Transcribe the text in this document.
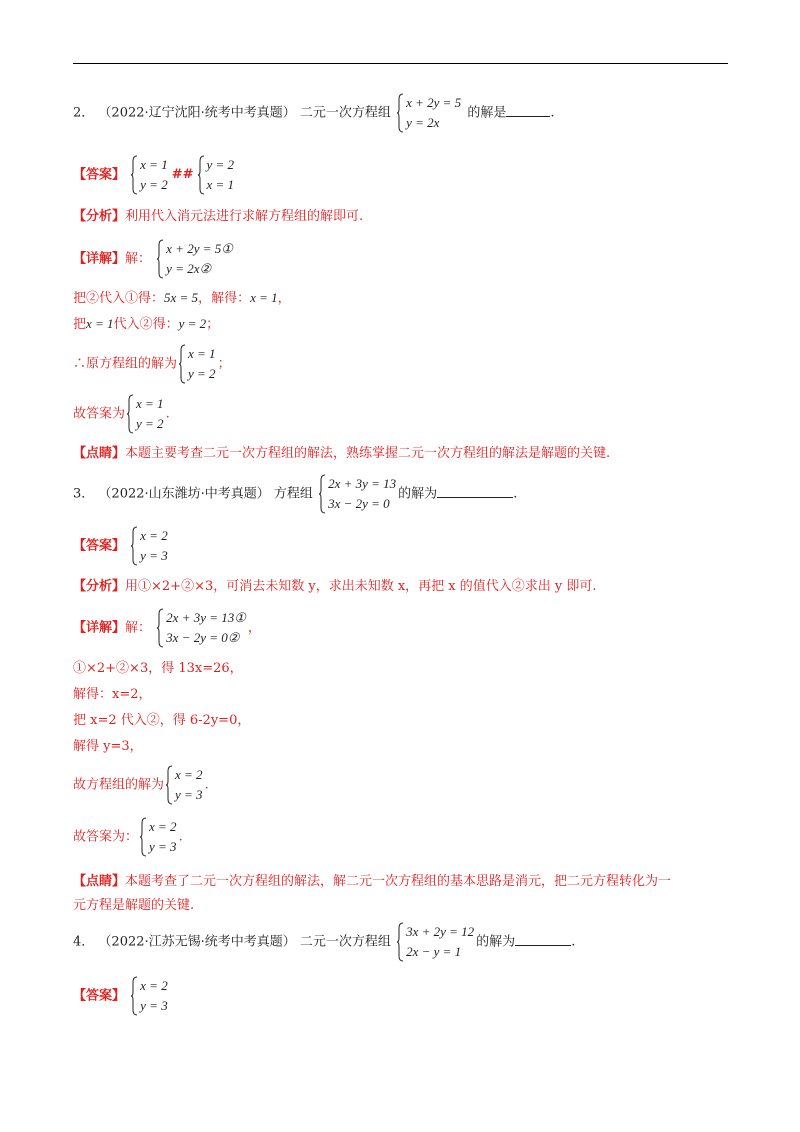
2． （2022·辽宁沈阳·统考中考真题） 二元一次方程组
x + 2y = 5
y = 2x
的解是	.
【答案】
x = 1
y = 2
##
y = 2
x = 1
【分析】利用代入消元法进行求解方程组的解即可.
【详解】解：
x + 2y = 5①
y = 2x②
把②代入①得：5x = 5，解得：x = 1，
把x = 1代入②得：y = 2；
∴原方程组的解为
x = 1
y = 2
；
故答案为
x = 1
y = 2
.
【点睛】本题主要考查二元一次方程组的解法，熟练掌握二元一次方程组的解法是解题的关键.
3． （2022·山东潍坊·中考真题） 方程组
2x + 3y = 13
3x − 2y = 0
的解为	.
【答案】
x = 2
y = 3
【分析】用①×2+②×3，可消去未知数 y，求出未知数 x，再把 x 的值代入②求出 y 即可.
【详解】解：
2x + 3y = 13①
3x − 2y = 0②
，
①×2+②×3，得 13x=26，
解得：x=2，
把 x=2 代入②，得 6-2y=0，
解得 y=3，
故方程组的解为
x = 2
y = 3
.
故答案为：
x = 2
y = 3
.
【点睛】本题考查了二元一次方程组的解法，解二元一次方程组的基本思路是消元，把二元方程转化为一
元方程是解题的关键.
4． （2022·江苏无锡·统考中考真题） 二元一次方程组
3x + 2y = 12
2x − y = 1
的解为	.
【答案】
x = 2
y = 3
